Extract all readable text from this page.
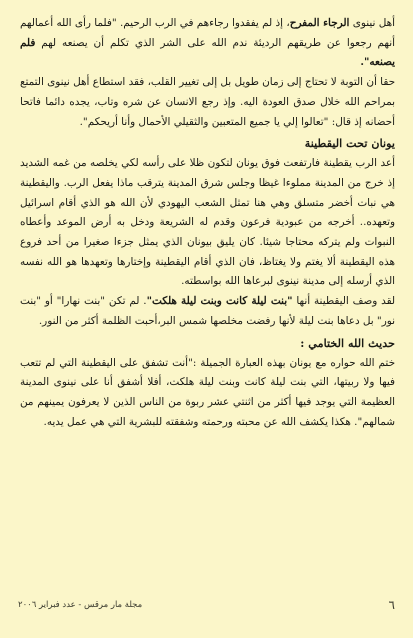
أهل نينوى الرجاء المفرح، إذ لم يفقدوا رجاءهم في الرب الرحيم. "فلما رأى الله أعمالهم أنهم رجعوا عن طريقهم الرديئة ندم الله على الشر الذي تكلم أن يصنعه لهم فلم يصنعه".

حقا أن التوبة لا تحتاج إلى زمان طويل بل إلى تغيير القلب، فقد استطاع أهل نينوى التمتع بمراحم الله خلال صدق العودة اليه. وإذ رجع الانسان عن شره وتاب، يجده دائما فاتحا أحضانه إذ قال: "تعالوا إلي يا جميع المتعبين والثقيلي الأحمال وأنا أريحكم".

يونان تحت اليقطينة

أعد الرب يقطينة فارتفعت فوق يونان لتكون ظلا على رأسه لكي يخلصه من غمه الشديد إذ خرج من المدينة مملوءا غيظا وجلس شرق المدينة يترقب ماذا يفعل الرب. واليقطينة هي نبات أخضر متسلق وهي هنا تمثل الشعب اليهودي لأن الله هو الذي أقام اسرائيل وتعهده.. أخرجه من عبودية فرعون وقدم له الشريعة ودخل به أرض الموعد وأعطاه النبوات ولم يتركه محتاجا شيئا. كان يليق بيونان الذي يمثل جزءا صغيرا من أحد فروع هذه اليقطينة ألا يغتم ولا يغتاظ، فان الذي أقام اليقطينة وإختارها وتعهدها هو الله نفسه الذي أرسله إلى مدينة نينوى لبرعاها الله بواسطته.

لقد وصف اليقطينة أنها "بنت ليلة كانت وبنت ليلة هلكت". لم تكن "بنت نهارا" أو "بنت نور" بل دعاها بنت ليلة لأنها رفضت مخلصها شمس البر،أحبت الظلمة أكثر من النور.

حديث الله الختامي :

ختم الله حواره مع يونان بهذه العبارة الجميلة :"أنت تشفق على اليقطينة التي لم تتعب فيها ولا ربيتها، التي بنت ليلة كانت وبنت ليلة هلكت، أفلا أشفق أنا على نينوى المدينة العظيمة التي يوجد فيها أكثر من اثنتي عشر ربوة من الناس الذين لا يعرفون يمينهم من شمالهم". هكذا يكشف الله عن محبته ورحمته وشفقته للبشرية التي هي عمل يديه.

٦
مجلة مار مرقس - عدد فبراير ٢٠٠٦
